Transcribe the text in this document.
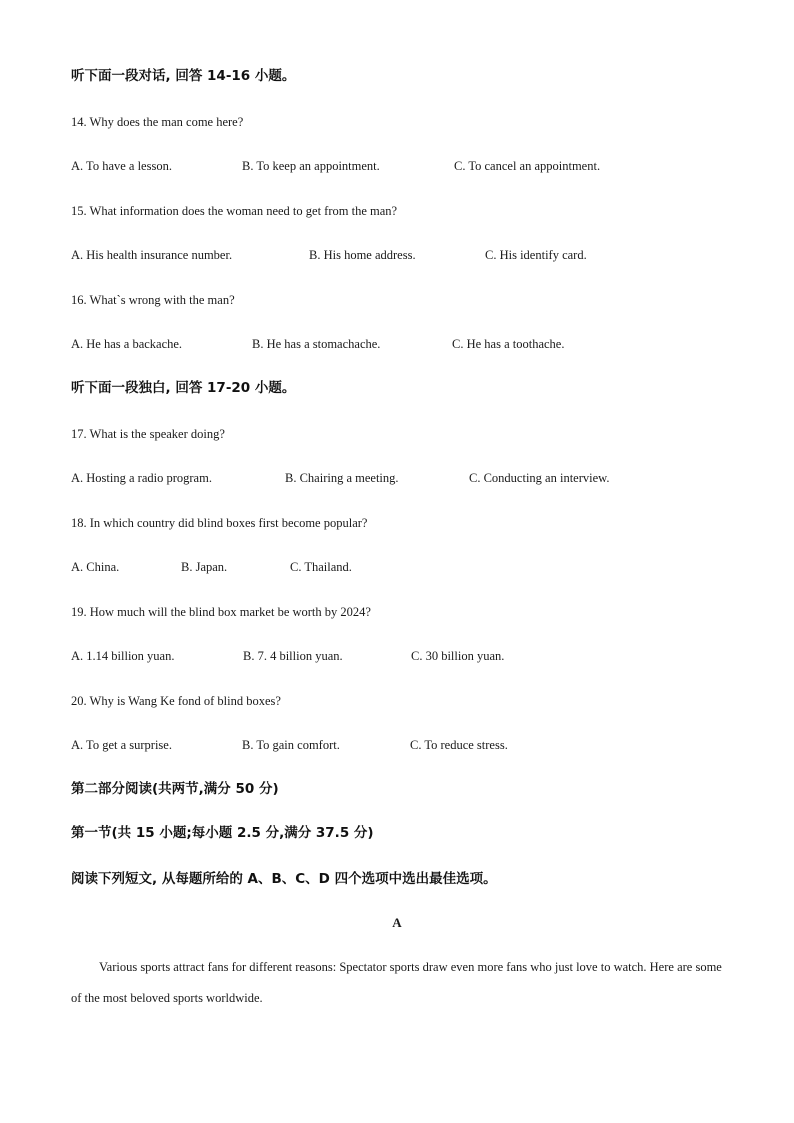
听下面一段对话, 回答 14-16 小题。
14. Why does the man come here?
A. To have a lesson.	B. To keep an appointment.	C. To cancel an appointment.
15. What information does the woman need to get from the man?
A. His health insurance number.	B. His home address.	C. His identify card.
16. What`s wrong with the man?
A. He has a backache.	B. He has a stomachache.	C. He has a toothache.
听下面一段独白, 回答 17-20 小题。
17. What is the speaker doing?
A. Hosting a radio program.	B. Chairing a meeting.	C. Conducting an interview.
18. In which country did blind boxes first become popular?
A. China.	B. Japan.	C. Thailand.
19. How much will the blind box market be worth by 2024?
A. 1.14 billion yuan.	B. 7. 4 billion yuan.	C. 30 billion yuan.
20. Why is Wang Ke fond of blind boxes?
A. To get a surprise.	B. To gain comfort.	C. To reduce stress.
第二部分阅读(共两节,满分 50 分)
第一节(共 15 小题;每小题 2.5 分,满分 37.5 分)
阅读下列短文, 从每题所给的 A、B、C、D 四个选项中选出最佳选项。
A
Various sports attract fans for different reasons: Spectator sports draw even more fans who just love to watch. Here are some of the most beloved sports worldwide.
